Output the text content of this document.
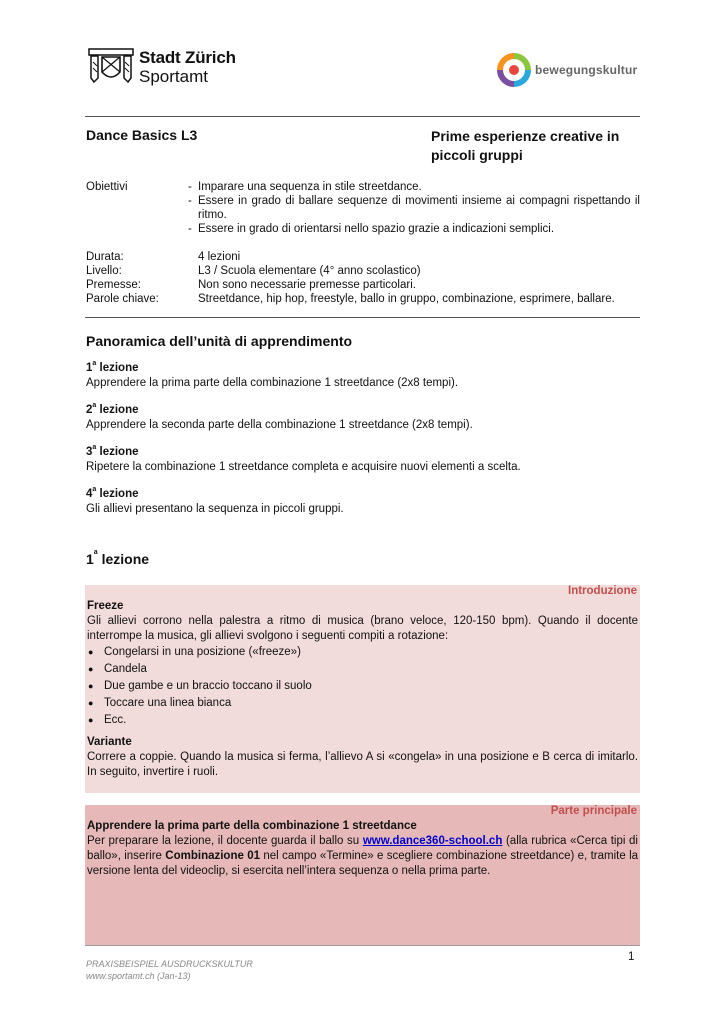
Stadt Zürich
Sportamt	bewegungskultur
Dance Basics L3	Prime esperienze creative in piccoli gruppi
Obiettivi	- Imparare una sequenza in stile streetdance.
- Essere in grado di ballare sequenze di movimenti insieme ai compagni rispettando il ritmo.
- Essere in grado di orientarsi nello spazio grazie a indicazioni semplici.
Durata:	4 lezioni
Livello:	L3 / Scuola elementare (4° anno scolastico)
Premesse:	Non sono necessarie premesse particolari.
Parole chiave:	Streetdance, hip hop, freestyle, ballo in gruppo, combinazione, esprimere, ballare.
Panoramica dell’unità di apprendimento
1$^a$ lezione
Apprendere la prima parte della combinazione 1 streetdance (2x8 tempi).
2$^a$ lezione
Apprendere la seconda parte della combinazione 1 streetdance (2x8 tempi).
3$^a$ lezione
Ripetere la combinazione 1 streetdance completa e acquisire nuovi elementi a scelta.
4$^a$ lezione
Gli allievi presentano la sequenza in piccoli gruppi.
1$^a$ lezione
Introduzione
Freeze
Gli allievi corrono nella palestra a ritmo di musica (brano veloce, 120-150 bpm). Quando il docente interrompe la musica, gli allievi svolgono i seguenti compiti a rotazione:
● Congelarsi in una posizione («freeze»)
● Candela
● Due gambe e un braccio toccano il suolo
● Toccare una linea bianca
● Ecc.
Variante
Correre a coppie. Quando la musica si ferma, l’allievo A si «congela» in una posizione e B cerca di imitarlo. In seguito, invertire i ruoli.
Parte principale
Apprendere la prima parte della combinazione 1 streetdance
Per preparare la lezione, il docente guarda il ballo su www.dance360-school.ch (alla rubrica «Cerca tipi di ballo», inserire Combinazione 01 nel campo «Termine» e scegliere combinazione streetdance) e, tramite la versione lenta del videoclip, si esercita nell’intera sequenza o nella prima parte.
1
PRAXISBEISPIEL AUSDRUCKSKULTUR
www.sportamt.ch (Jan-13)
